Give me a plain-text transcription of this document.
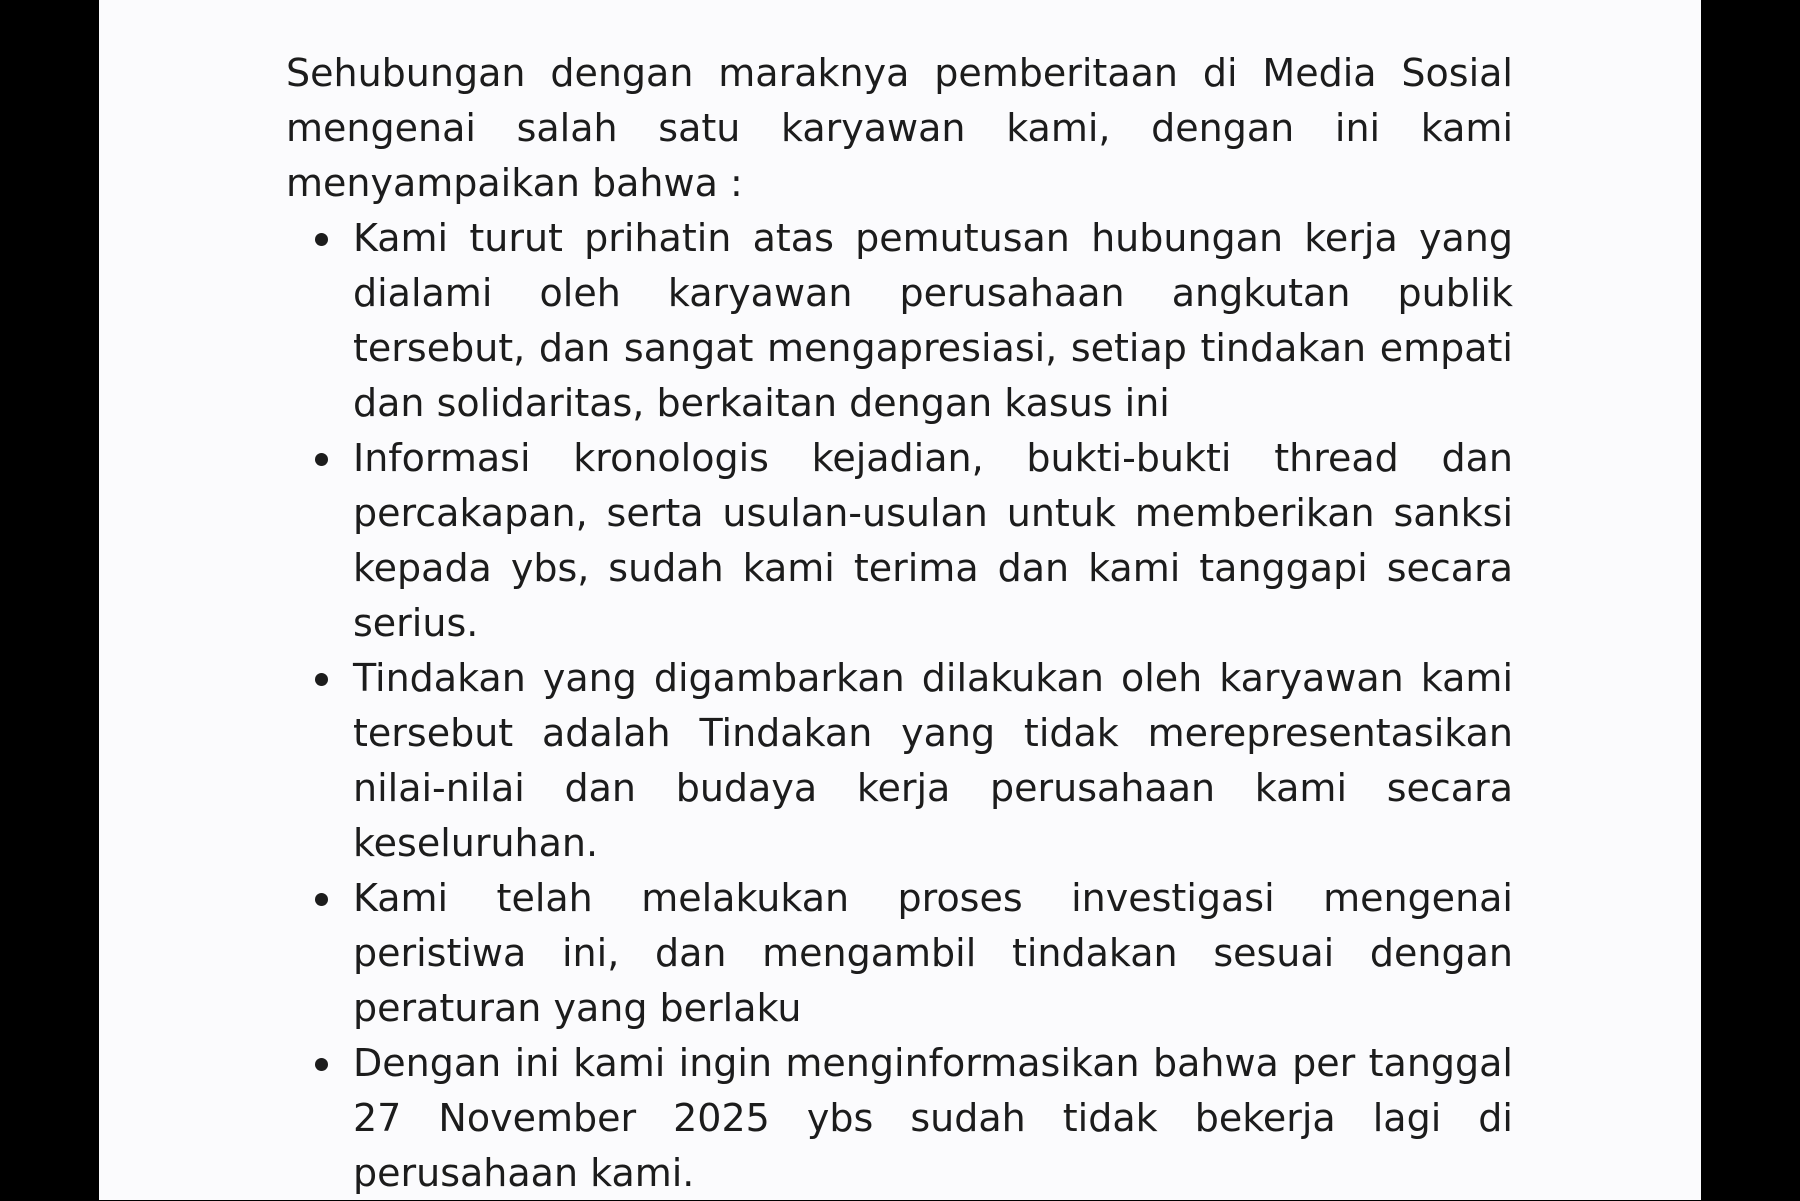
Sehubungan dengan maraknya pemberitaan di Media Sosial mengenai salah satu karyawan kami, dengan ini kami menyampaikan bahwa :

Kami turut prihatin atas pemutusan hubungan kerja yang dialami oleh karyawan perusahaan angkutan publik tersebut, dan sangat mengapresiasi, setiap tindakan empati dan solidaritas, berkaitan dengan kasus ini
Informasi kronologis kejadian, bukti-bukti thread dan percakapan, serta usulan-usulan untuk memberikan sanksi kepada ybs, sudah kami terima dan kami tanggapi secara serius.
Tindakan yang digambarkan dilakukan oleh karyawan kami tersebut adalah Tindakan yang tidak merepresentasikan nilai-nilai dan budaya kerja perusahaan kami secara keseluruhan.
Kami telah melakukan proses investigasi mengenai peristiwa ini, dan mengambil tindakan sesuai dengan peraturan yang berlaku
Dengan ini kami ingin menginformasikan bahwa per tanggal 27 November 2025 ybs sudah tidak bekerja lagi di perusahaan kami.
